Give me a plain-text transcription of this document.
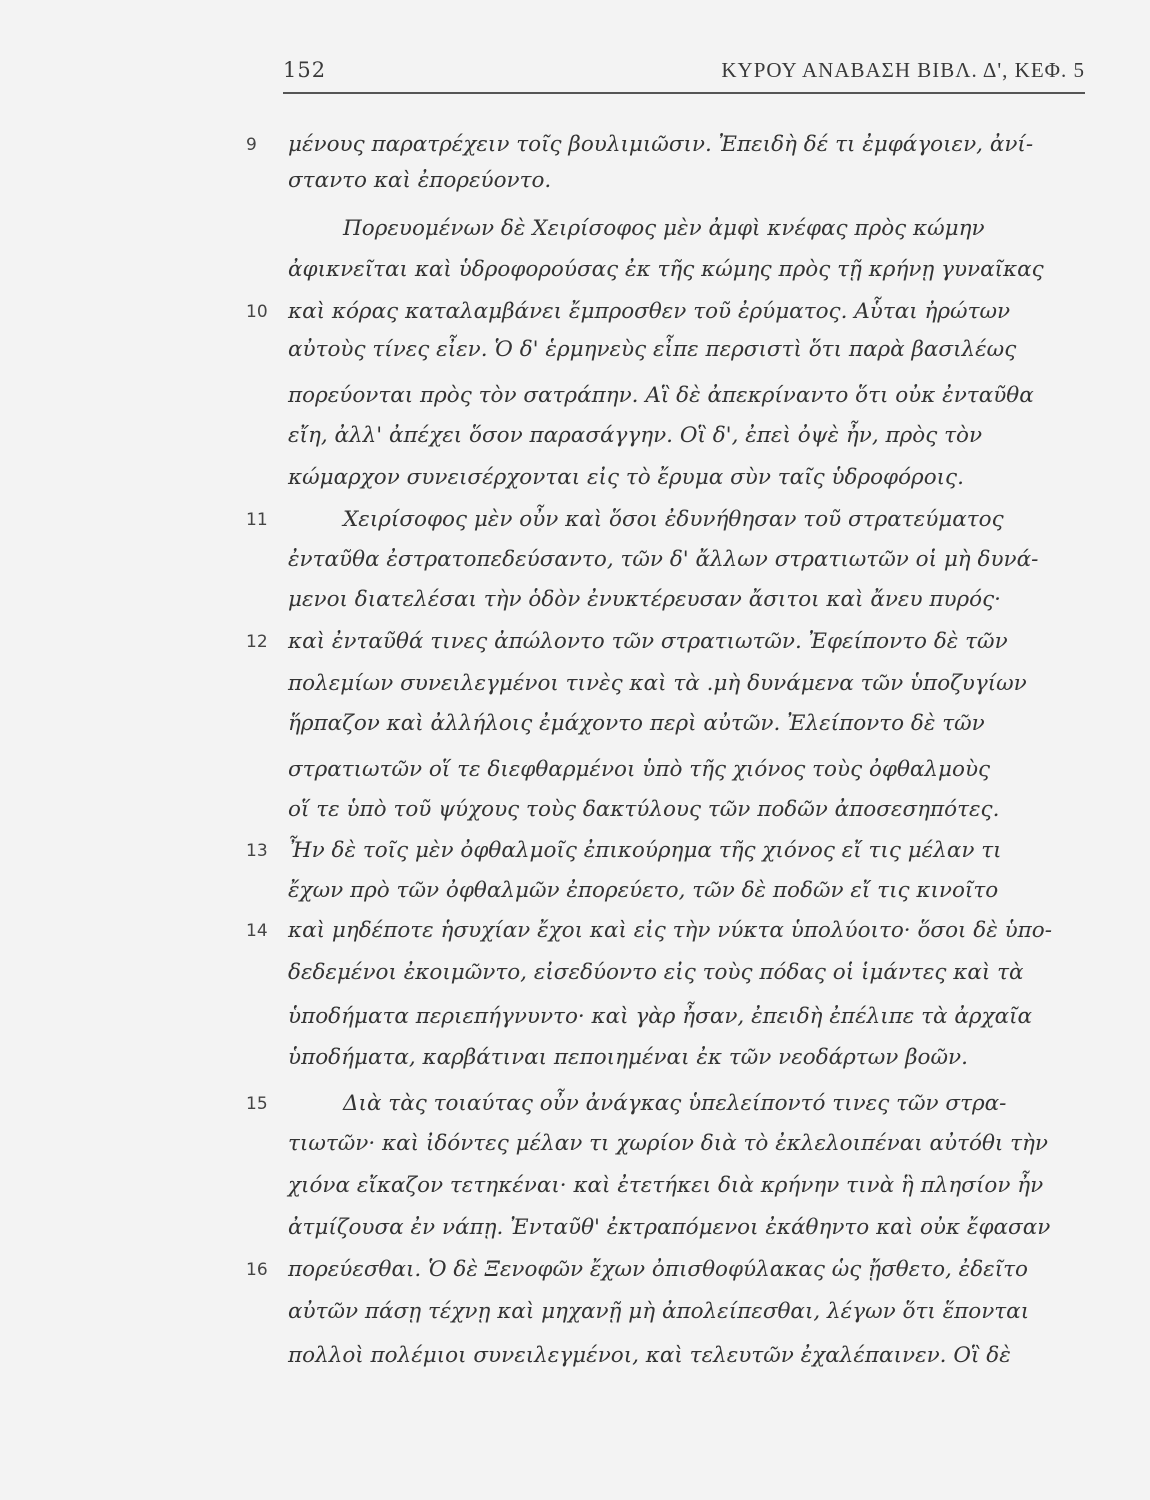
152	ΚΥΡΟΥ ΑΝΑΒΑΣΗ ΒΙΒΛ. Δ', ΚΕΦ. 5
9	μένους παρατρέχειν τοῖς βουλιμιῶσιν. Ἐπειδὴ δέ τι ἐμφάγοιεν, ἀνί-
σταντο καὶ ἐπορεύοντο.
Πορευομένων δὲ Χειρίσοφος μὲν ἀμφὶ κνέφας πρὸς κώμην
ἀφικνεῖται καὶ ὑδροφορούσας ἐκ τῆς κώμης πρὸς τῇ κρήνῃ γυναῖκας
10 καὶ κόρας καταλαμβάνει ἔμπροσθεν τοῦ ἐρύματος. Αὗται ἠρώτων
αὐτοὺς τίνες εἶεν. Ὁ δ' ἑρμηνεὺς εἶπε περσιστὶ ὅτι παρὰ βασιλέως
πορεύονται πρὸς τὸν σατράπην. Αἳ δὲ ἀπεκρίναντο ὅτι οὐκ ἐνταῦθα
εἴη, ἀλλ' ἀπέχει ὅσον παρασάγγην. Οἳ δ', ἐπεὶ ὀψὲ ἦν, πρὸς τὸν
κώμαρχον συνεισέρχονται εἰς τὸ ἔρυμα σὺν ταῖς ὑδροφόροις.
11	Χειρίσοφος μὲν οὖν καὶ ὅσοι ἐδυνήθησαν τοῦ στρατεύματος
ἐνταῦθα ἐστρατοπεδεύσαντο, τῶν δ' ἄλλων στρατιωτῶν οἱ μὴ δυνά-
μενοι διατελέσαι τὴν ὁδὸν ἐνυκτέρευσαν ἄσιτοι καὶ ἄνευ πυρός·
12 καὶ ἐνταῦθά τινες ἀπώλοντο τῶν στρατιωτῶν. Ἐφείποντο δὲ τῶν
πολεμίων συνειλεγμένοι τινὲς καὶ τὰ .μὴ δυνάμενα τῶν ὑποζυγίων
ἥρπαζον καὶ ἀλλήλοις ἐμάχοντο περὶ αὐτῶν. Ἐλείποντο δὲ τῶν
στρατιωτῶν οἵ τε διεφθαρμένοι ὑπὸ τῆς χιόνος τοὺς ὀφθαλμοὺς
οἵ τε ὑπὸ τοῦ ψύχους τοὺς δακτύλους τῶν ποδῶν ἀποσεσηπότες.
13 Ἦν δὲ τοῖς μὲν ὀφθαλμοῖς ἐπικούρημα τῆς χιόνος εἴ τις μέλαν τι
ἔχων πρὸ τῶν ὀφθαλμῶν ἐπορεύετο, τῶν δὲ ποδῶν εἴ τις κινοῖτο
14 καὶ μηδέποτε ἡσυχίαν ἔχοι καὶ εἰς τὴν νύκτα ὑπολύοιτο· ὅσοι δὲ ὑπο-
δεδεμένοι ἐκοιμῶντο, εἰσεδύοντο εἰς τοὺς πόδας οἱ ἱμάντες καὶ τὰ
ὑποδήματα περιεπήγνυντο· καὶ γὰρ ἦσαν, ἐπειδὴ ἐπέλιπε τὰ ἀρχαῖα
ὑποδήματα, καρβάτιναι πεποιημέναι ἐκ τῶν νεοδάρτων βοῶν.
15	Διὰ τὰς τοιαύτας οὖν ἀνάγκας ὑπελείποντό τινες τῶν στρα-
τιωτῶν· καὶ ἰδόντες μέλαν τι χωρίον διὰ τὸ ἐκλελοιπέναι αὐτόθι τὴν
χιόνα εἴκαζον τετηκέναι· καὶ ἐτετήκει διὰ κρήνην τινὰ ἣ πλησίον ἦν
ἀτμίζουσα ἐν νάπῃ. Ἐνταῦθ' ἐκτραπόμενοι ἐκάθηντο καὶ οὐκ ἔφασαν
16 πορεύεσθαι. Ὁ δὲ Ξενοφῶν ἔχων ὀπισθοφύλακας ὡς ᾔσθετο, ἐδεῖτο
αὐτῶν πάσῃ τέχνῃ καὶ μηχανῇ μὴ ἀπολείπεσθαι, λέγων ὅτι ἕπονται
πολλοὶ πολέμιοι συνειλεγμένοι, καὶ τελευτῶν ἐχαλέπαινεν. Οἳ δὲ
